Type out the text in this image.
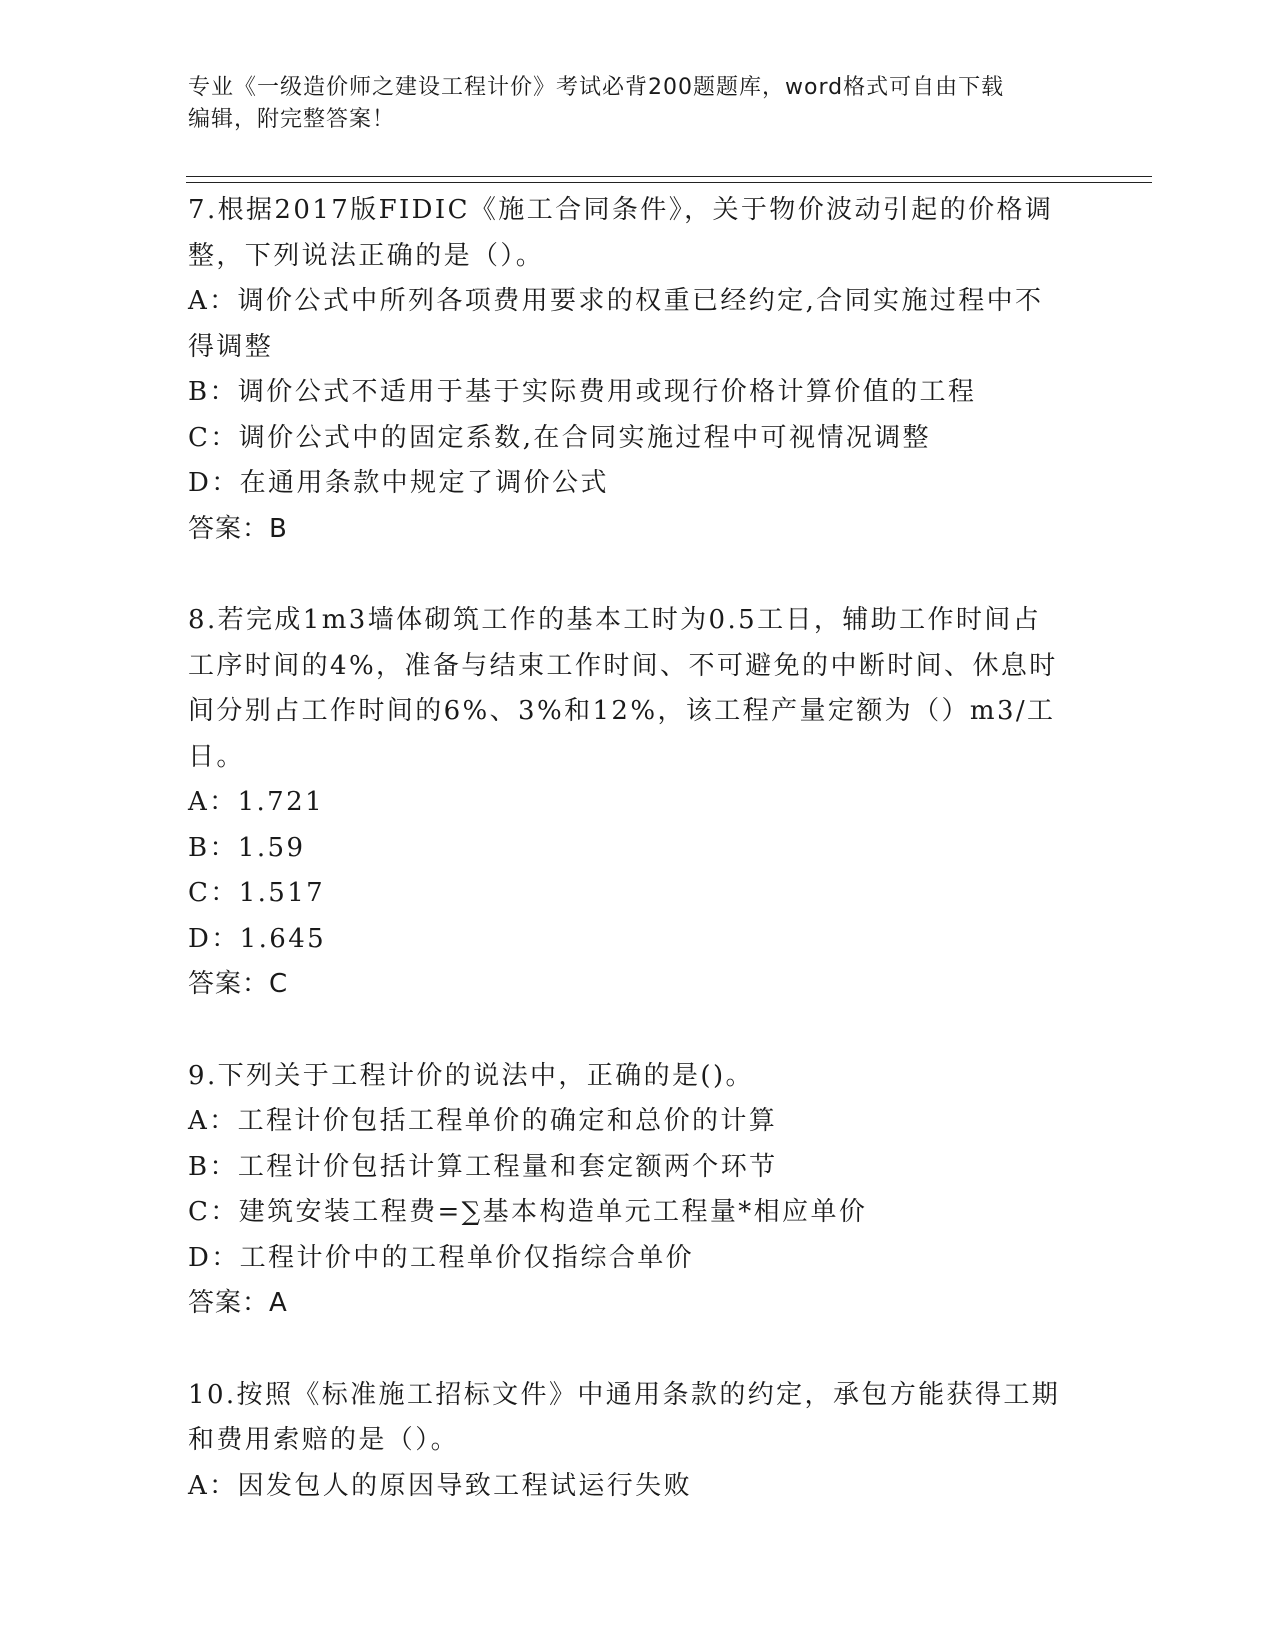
专业《一级造价师之建设工程计价》考试必背200题题库，word格式可自由下载
编辑，附完整答案！

7.根据2017版FIDIC《施工合同条件》，关于物价波动引起的价格调

整，下列说法正确的是（）。

A：调价公式中所列各项费用要求的权重已经约定,合同实施过程中不

得调整

B：调价公式不适用于基于实际费用或现行价格计算价值的工程

C：调价公式中的固定系数,在合同实施过程中可视情况调整

D：在通用条款中规定了调价公式

答案：B

8.若完成1m3墙体砌筑工作的基本工时为0.5工日，辅助工作时间占

工序时间的4%，准备与结束工作时间、不可避免的中断时间、休息时

间分别占工作时间的6%、3%和12%，该工程产量定额为（）m3/工日。

A：1.721

B：1.59

C：1.517

D：1.645

答案：C

9.下列关于工程计价的说法中，正确的是()。

A：工程计价包括工程单价的确定和总价的计算

B：工程计价包括计算工程量和套定额两个环节

C：建筑安装工程费=∑基本构造单元工程量*相应单价

D：工程计价中的工程单价仅指综合单价

答案：A

10.按照《标准施工招标文件》中通用条款的约定，承包方能获得工期

和费用索赔的是（）。

A：因发包人的原因导致工程试运行失败
